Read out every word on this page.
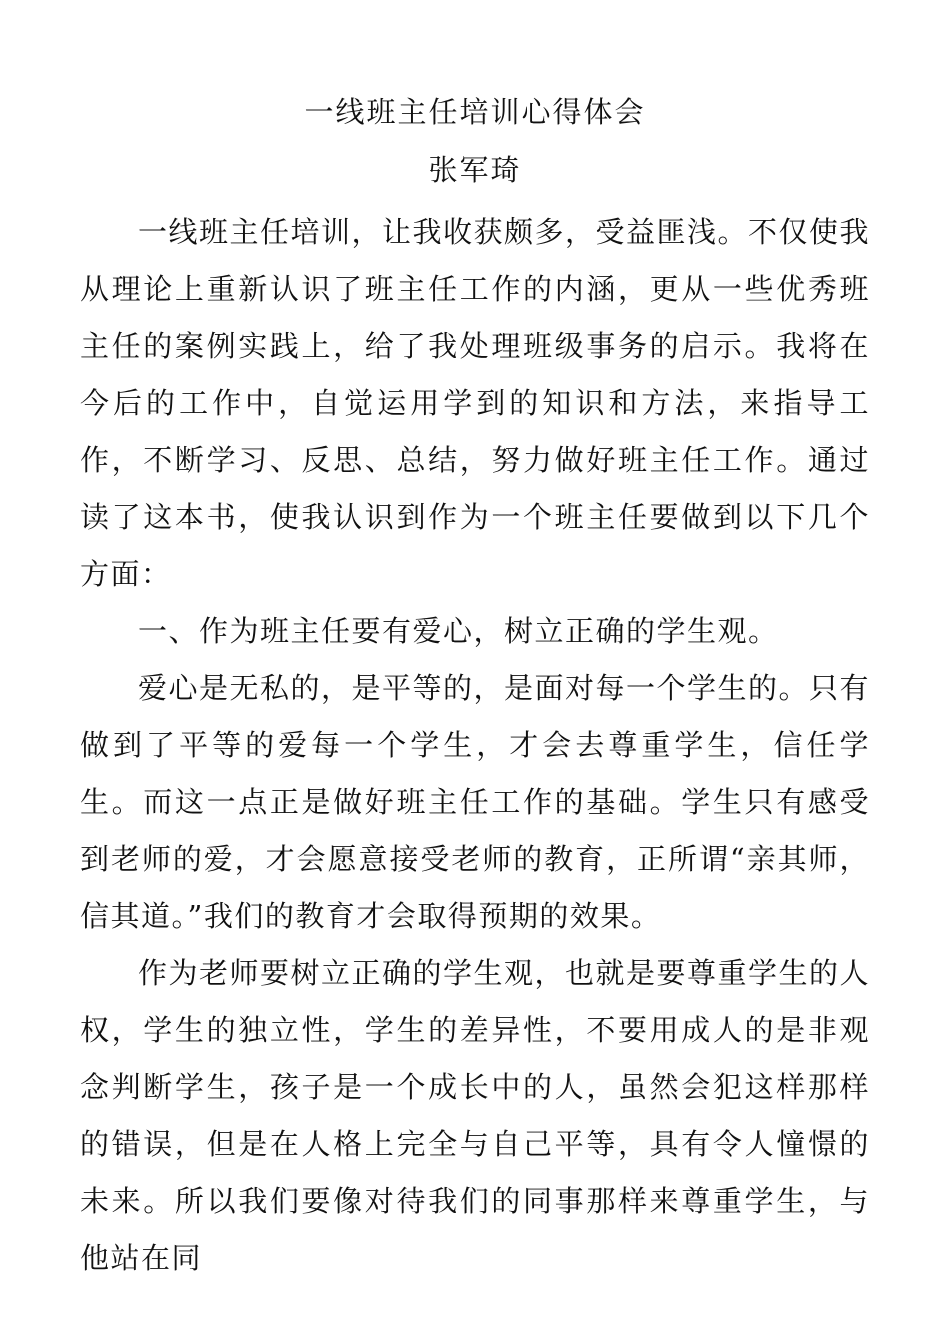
一线班主任培训心得体会
张军琦

一线班主任培训，让我收获颇多，受益匪浅。不仅使我从理论上重新认识了班主任工作的内涵，更从一些优秀班主任的案例实践上，给了我处理班级事务的启示。我将在今后的工作中，自觉运用学到的知识和方法，来指导工作，不断学习、反思、总结，努力做好班主任工作。通过读了这本书，使我认识到作为一个班主任要做到以下几个方面：

一、作为班主任要有爱心，树立正确的学生观。

爱心是无私的，是平等的，是面对每一个学生的。只有做到了平等的爱每一个学生，才会去尊重学生，信任学生。而这一点正是做好班主任工作的基础。学生只有感受到老师的爱，才会愿意接受老师的教育，正所谓“亲其师，信其道。”我们的教育才会取得预期的效果。

作为老师要树立正确的学生观，也就是要尊重学生的人权，学生的独立性，学生的差异性，不要用成人的是非观念判断学生，孩子是一个成长中的人，虽然会犯这样那样的错误，但是在人格上完全与自己平等，具有令人憧憬的未来。所以我们要像对待我们的同事那样来尊重学生，与他站在同
